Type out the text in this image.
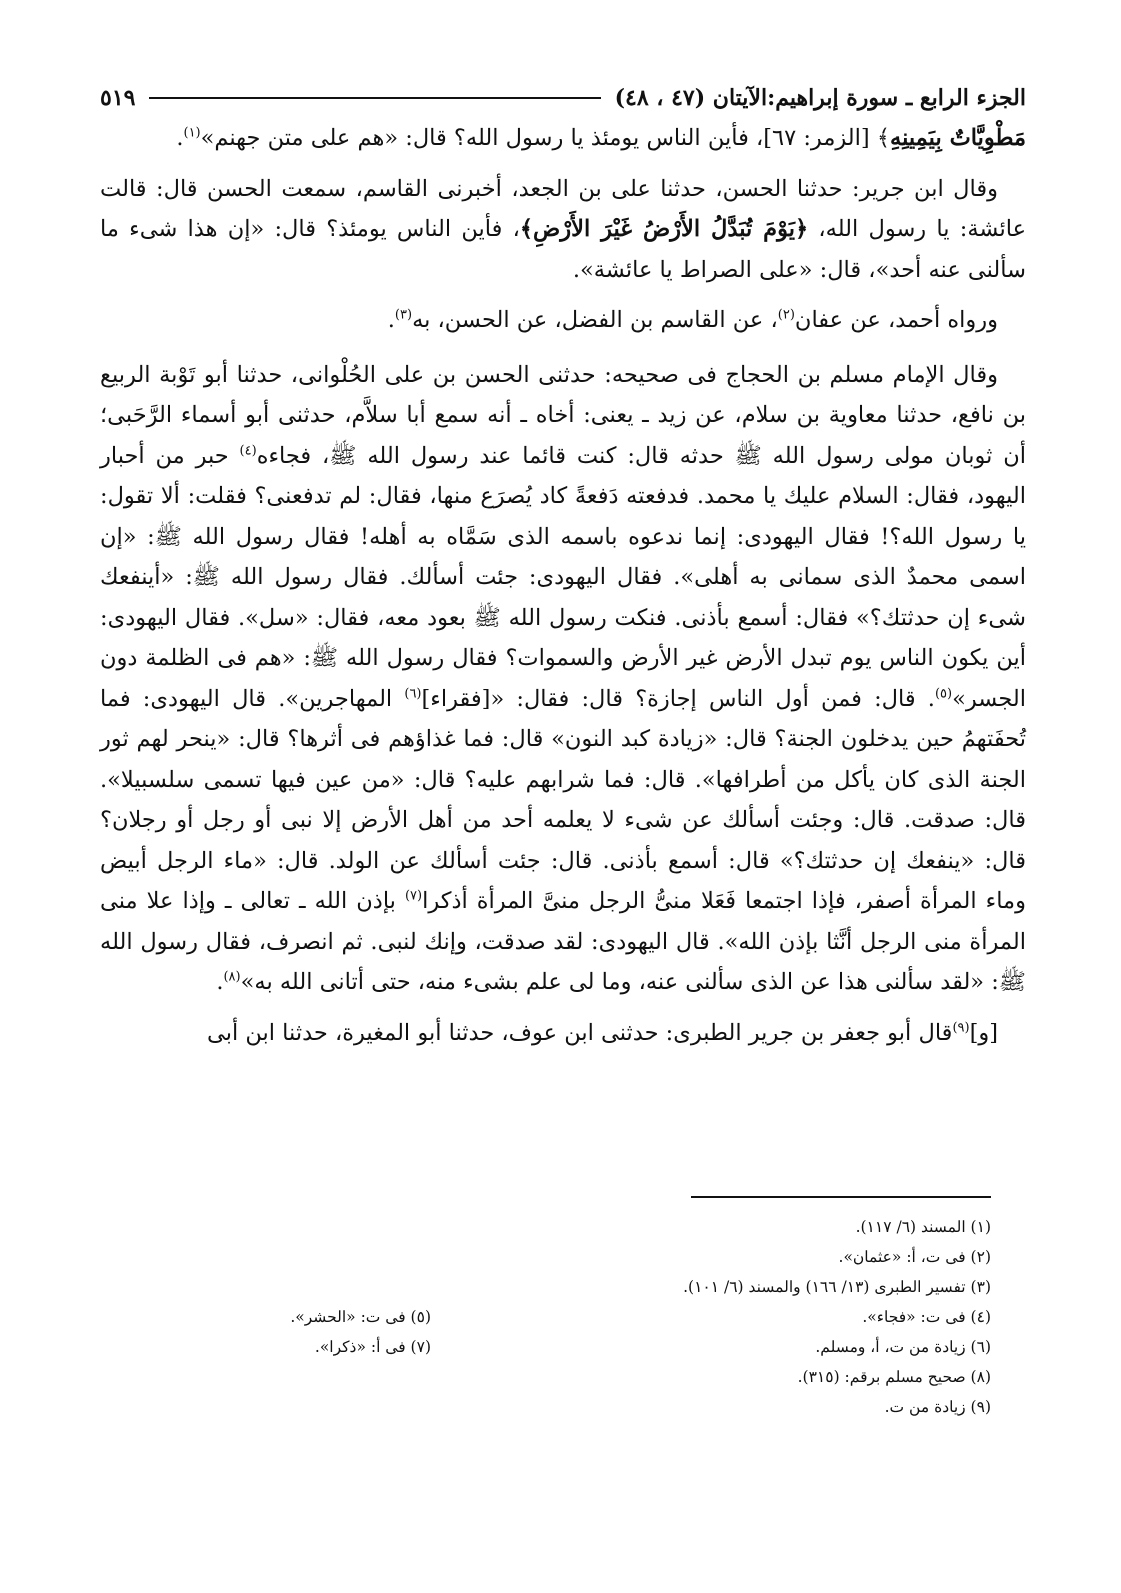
الجزء الرابع ـ سورة إبراهيم:الآيتان (٤٧ ، ٤٨)
٥١٩

مَطْوِيَّاتٌ بِيَمِينِهِ﴾ [الزمر: ٦٧]، فأين الناس يومئذ يا رسول الله؟ قال: «هم على متن جهنم»$^{(١)}$.

وقال ابن جرير: حدثنا الحسن، حدثنا على بن الجعد، أخبرنى القاسم، سمعت الحسن قال: قالت عائشة: يا رسول الله، ﴿يَوْمَ تُبَدَّلُ الأَرْضُ غَيْرَ الأَرْضِ﴾، فأين الناس يومئذ؟ قال: «إن هذا شىء ما سألنى عنه أحد»، قال: «على الصراط يا عائشة».

ورواه أحمد، عن عفان$^{(٢)}$، عن القاسم بن الفضل، عن الحسن، به$^{(٣)}$.

وقال الإمام مسلم بن الحجاج فى صحيحه: حدثنى الحسن بن على الحُلْوانى، حدثنا أبو تَوْبة الربيع بن نافع، حدثنا معاوية بن سلام، عن زيد ـ يعنى: أخاه ـ أنه سمع أبا سلاَّم، حدثنى أبو أسماء الرَّحَبى؛ أن ثوبان مولى رسول الله ﷺ حدثه قال: كنت قائما عند رسول الله ﷺ، فجاءه$^{(٤)}$ حبر من أحبار اليهود، فقال: السلام عليك يا محمد. فدفعته دَفعةً كاد يُصرَع منها، فقال: لم تدفعنى؟ فقلت: ألا تقول: يا رسول الله؟! فقال اليهودى: إنما ندعوه باسمه الذى سَمَّاه به أهله! فقال رسول الله ﷺ: «إن اسمى محمدٌ الذى سمانى به أهلى». فقال اليهودى: جئت أسألك. فقال رسول الله ﷺ: «أينفعك شىء إن حدثتك؟» فقال: أسمع بأذنى. فنكت رسول الله ﷺ بعود معه، فقال: «سل». فقال اليهودى: أين يكون الناس يوم تبدل الأرض غير الأرض والسموات؟ فقال رسول الله ﷺ: «هم فى الظلمة دون الجسر»$^{(٥)}$. قال: فمن أول الناس إجازة؟ قال: فقال: «[فقراء]$^{(٦)}$ المهاجرين». قال اليهودى: فما تُحفَتهمُ حين يدخلون الجنة؟ قال: «زيادة كبد النون» قال: فما غذاؤهم فى أثرها؟ قال: «ينحر لهم ثور الجنة الذى كان يأكل من أطرافها». قال: فما شرابهم عليه؟ قال: «من عين فيها تسمى سلسبيلا». قال: صدقت. قال: وجئت أسألك عن شىء لا يعلمه أحد من أهل الأرض إلا نبى أو رجل أو رجلان؟ قال: «ينفعك إن حدثتك؟» قال: أسمع بأذنى. قال: جئت أسألك عن الولد. قال: «ماء الرجل أبيض وماء المرأة أصفر، فإذا اجتمعا فَعَلا منىُّ الرجل منىَّ المرأة أذكرا$^{(٧)}$ بإذن الله ـ تعالى ـ وإذا علا منى المرأة منى الرجل أنَّثا بإذن الله». قال اليهودى: لقد صدقت، وإنك لنبى. ثم انصرف، فقال رسول الله ﷺ: «لقد سألنى هذا عن الذى سألنى عنه، وما لى علم بشىء منه، حتى أتانى الله به»$^{(٨)}$.

[و]$^{(٩)}$قال أبو جعفر بن جرير الطبرى: حدثنى ابن عوف، حدثنا أبو المغيرة، حدثنا ابن أبى

(١) المسند (٦/ ١١٧).
(٢) فى ت، أ: «عثمان».
(٣) تفسير الطبرى (١٣/ ١٦٦) والمسند (٦/ ١٠١).
(٤) فى ت: «فجاء».
(٥) فى ت: «الحشر».
(٦) زيادة من ت، أ، ومسلم.
(٧) فى أ: «ذكرا».
(٨) صحيح مسلم برقم: (٣١٥).
(٩) زيادة من ت.
